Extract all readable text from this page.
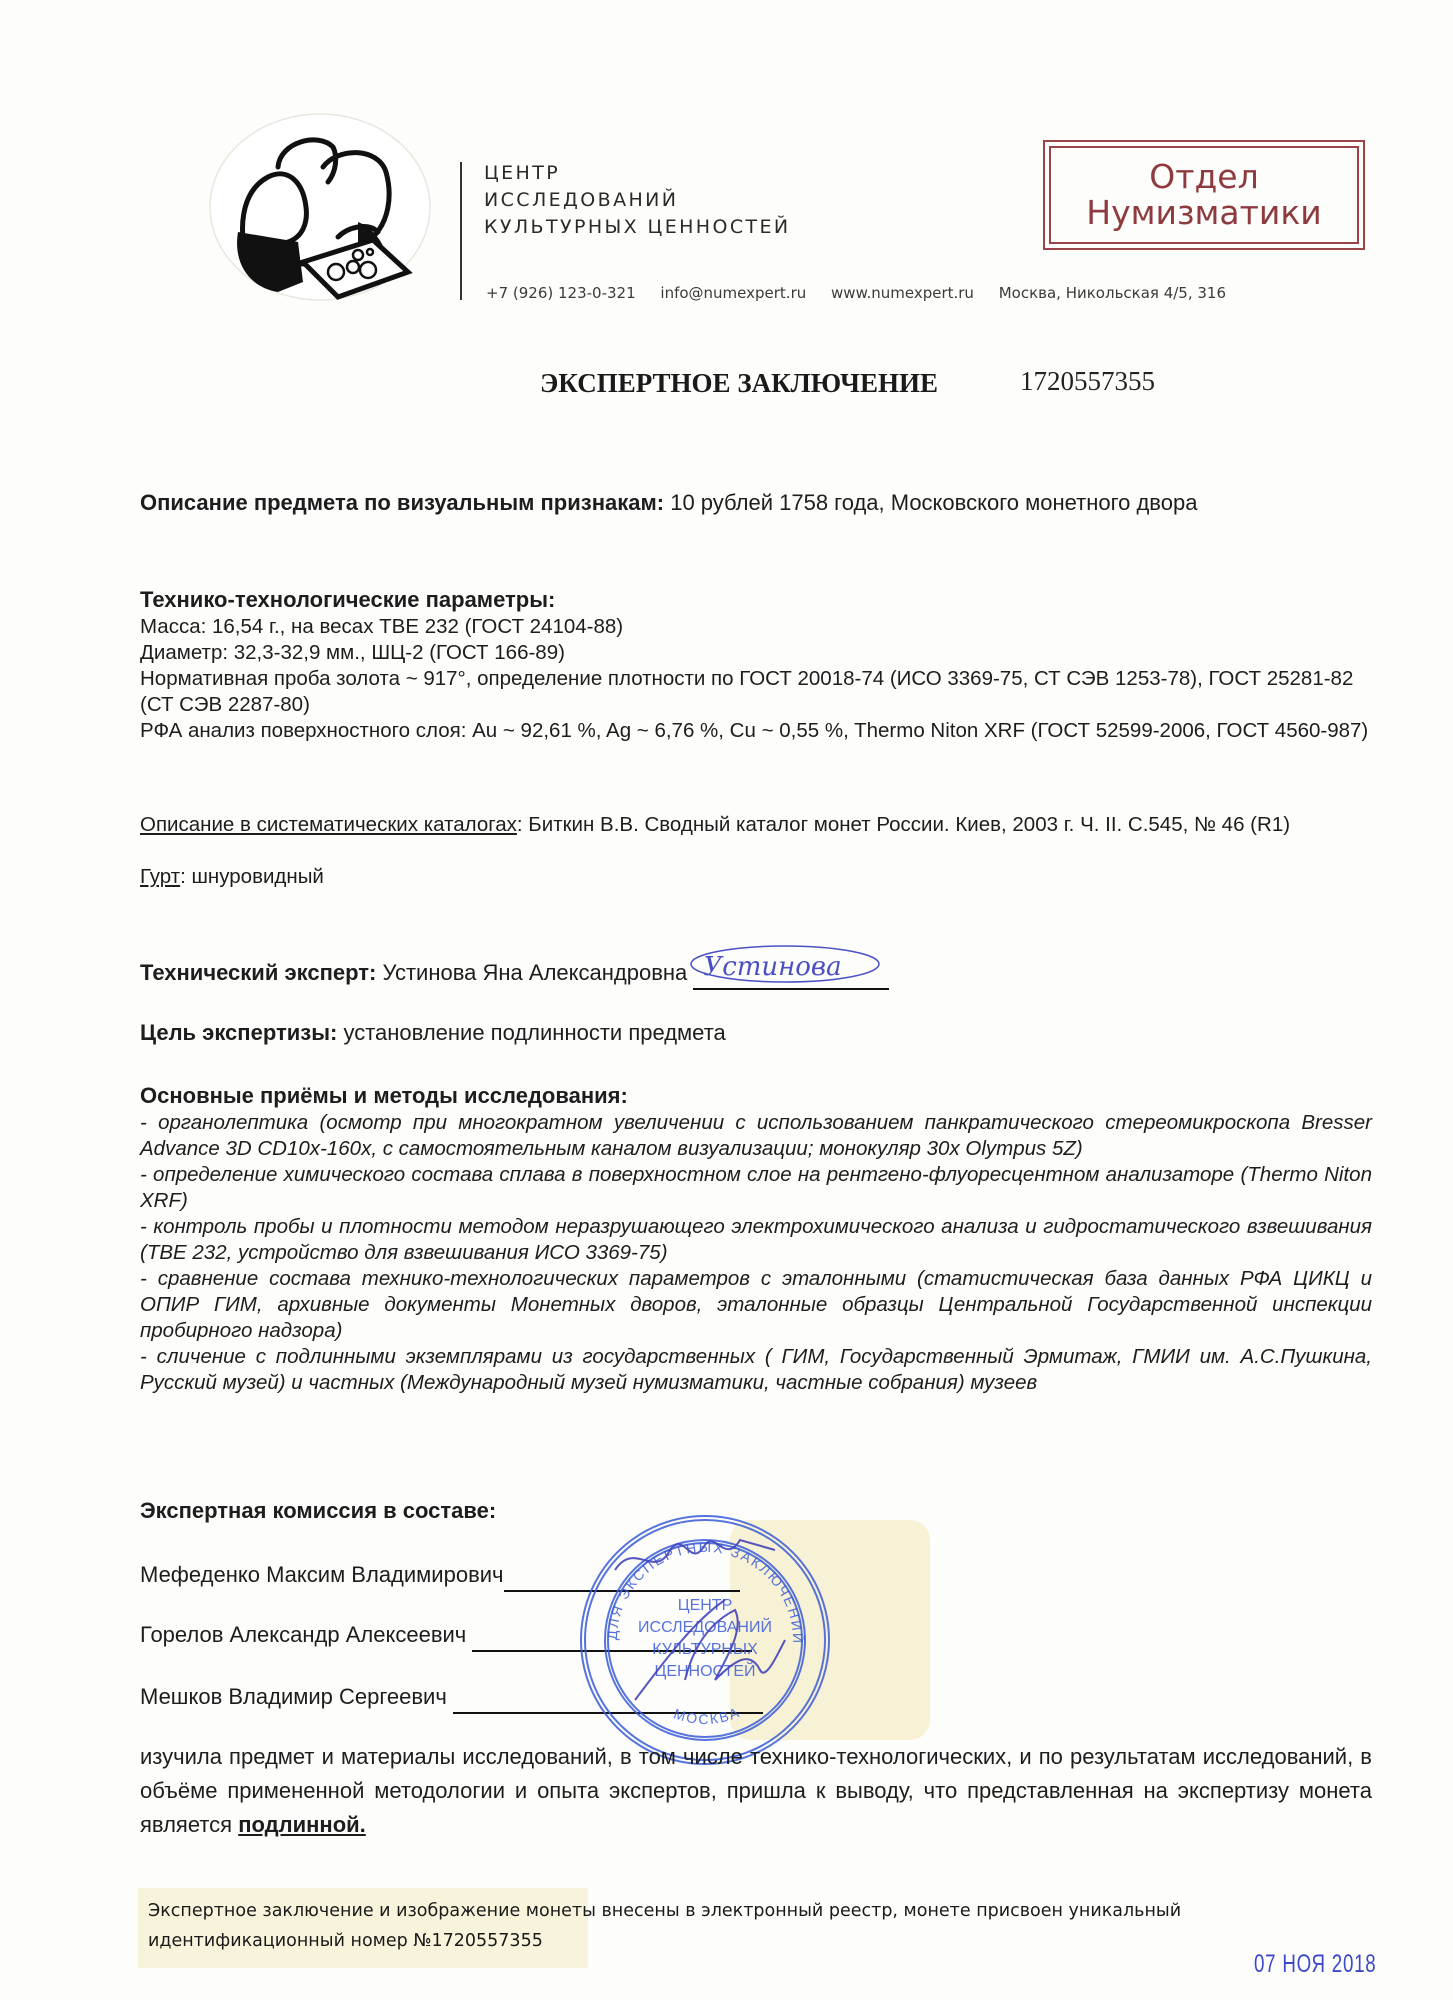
ЦЕНТР
ИССЛЕДОВАНИЙ
КУЛЬТУРНЫХ ЦЕННОСТЕЙ
+7 (926) 123-0-321 info@numexpert.ru www.numexpert.ru Москва, Никольская 4/5, 316
Отдел
Нумизматики
ЭКСПЕРТНОЕ ЗАКЛЮЧЕНИЕ	1720557355
Описание предмета по визуальным признакам: 10 рублей 1758 года, Московского монетного двора
Технико-технологические параметры:
Масса: 16,54 г., на весах ТВЕ 232 (ГОСТ 24104-88)
Диаметр: 32,3-32,9 мм., ШЦ-2 (ГОСТ 166-89)
Нормативная проба золота ~ 917°, определение плотности по ГОСТ 20018-74 (ИСО 3369-75, СТ СЭВ 1253-78), ГОСТ 25281-82 (СТ СЭВ 2287-80)
РФА анализ поверхностного слоя: Au ~ 92,61 %, Ag ~ 6,76 %, Cu ~ 0,55 %, Thermo Niton XRF (ГОСТ 52599-2006, ГОСТ 4560-987)
Описание в систематических каталогах: Биткин В.В. Сводный каталог монет России. Киев, 2003 г. Ч. II. С.545, № 46 (R1)
Гурт: шнуровидный
Технический эксперт: Устинова Яна Александровна Устинова
Цель экспертизы: установление подлинности предмета
Основные приёмы и методы исследования:
- органолептика (осмотр при многократном увеличении с использованием панкратического стереомикроскопа Bresser Advance 3D CD10x-160x, с самостоятельным каналом визуализации; монокуляр 30x Olympus 5Z)
- определение химического состава сплава в поверхностном слое на рентгено-флуоресцентном анализаторе (Thermo Niton XRF)
- контроль пробы и плотности методом неразрушающего электрохимического анализа и гидростатического взвешивания (ТВЕ 232, устройство для взвешивания ИСО 3369-75)
- сравнение состава технико-технологических параметров с эталонными (статистическая база данных РФА ЦИКЦ и ОПИР ГИМ, архивные документы Монетных дворов, эталонные образцы Центральной Государственной инспекции пробирного надзора)
- сличение с подлинными экземплярами из государственных ( ГИМ, Государственный Эрмитаж, ГМИИ им. А.С.Пушкина, Русский музей) и частных (Международный музей нумизматики, частные собрания) музеев
Экспертная комиссия в составе:
Мефеденко Максим Владимирович
Горелов Александр Алексеевич
Мешков Владимир Сергеевич
ДЛЯ ЭКСПЕРТНЫХ ЗАКЛЮЧЕНИЙ
МОСКВА
ЦЕНТР
ИССЛЕДОВАНИЙ
КУЛЬТУРНЫХ
ЦЕННОСТЕЙ
изучила предмет и материалы исследований, в том числе технико-технологических, и по результатам исследований, в объёме примененной методологии и опыта экспертов, пришла к выводу, что представленная на экспертизу монета является подлинной.
Экспертное заключение и изображение монеты внесены в электронный реестр, монете присвоен уникальный идентификационный номер №1720557355
07 НОЯ 2018
